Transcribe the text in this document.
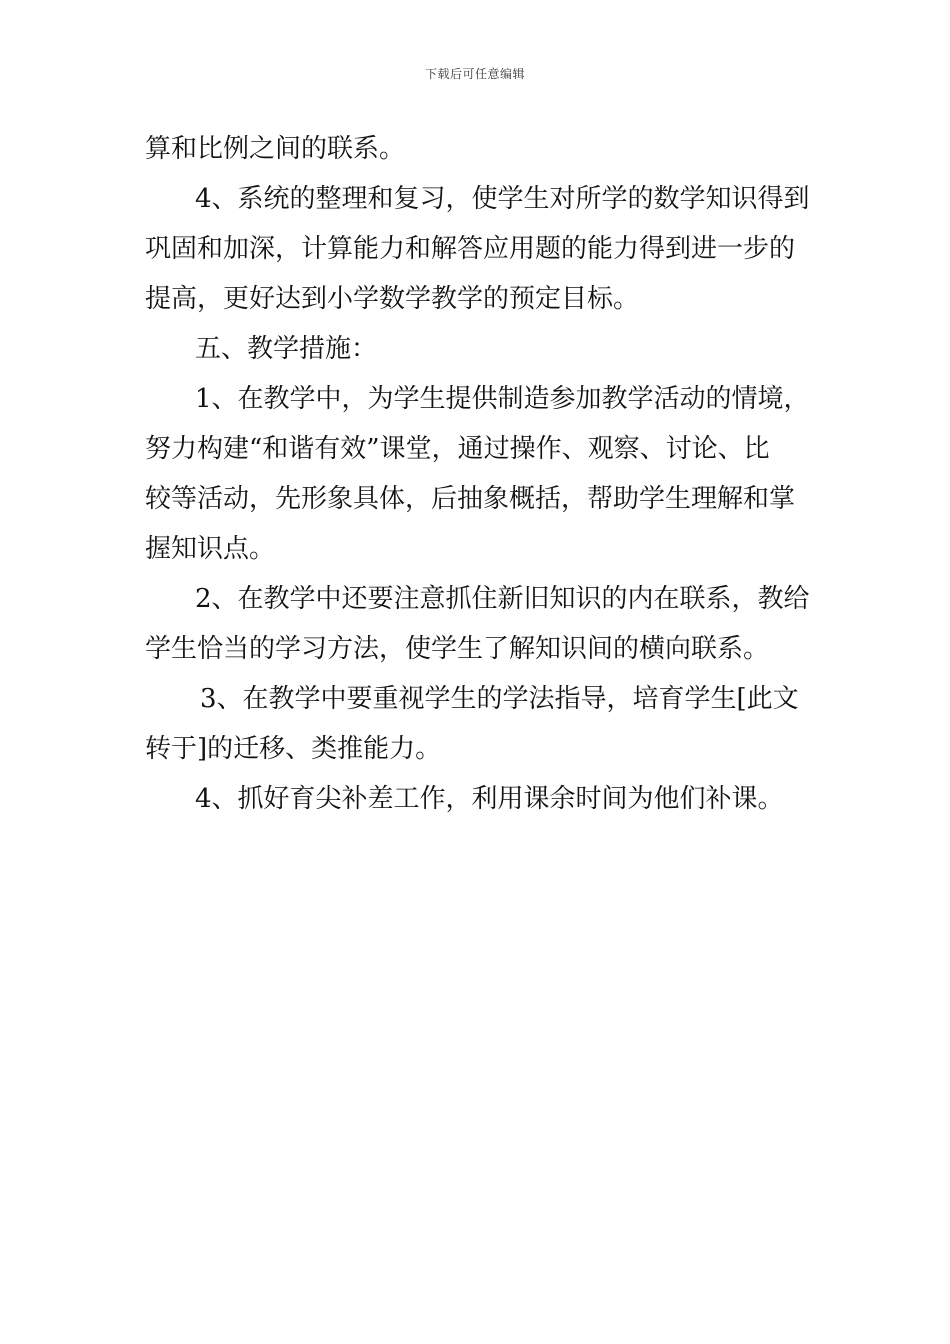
下载后可任意编辑
算和比例之间的联系。
4、系统的整理和复习，使学生对所学的数学知识得到
巩固和加深，计算能力和解答应用题的能力得到进一步的
提高，更好达到小学数学教学的预定目标。
五、教学措施：
1、在教学中，为学生提供制造参加教学活动的情境，
努力构建“和谐有效”课堂，通过操作、观察、讨论、比
较等活动，先形象具体，后抽象概括，帮助学生理解和掌
握知识点。
2、在教学中还要注意抓住新旧知识的内在联系，教给
学生恰当的学习方法，使学生了解知识间的横向联系。
3、在教学中要重视学生的学法指导，培育学生[此文
转于]的迁移、类推能力。
4、抓好育尖补差工作，利用课余时间为他们补课。
